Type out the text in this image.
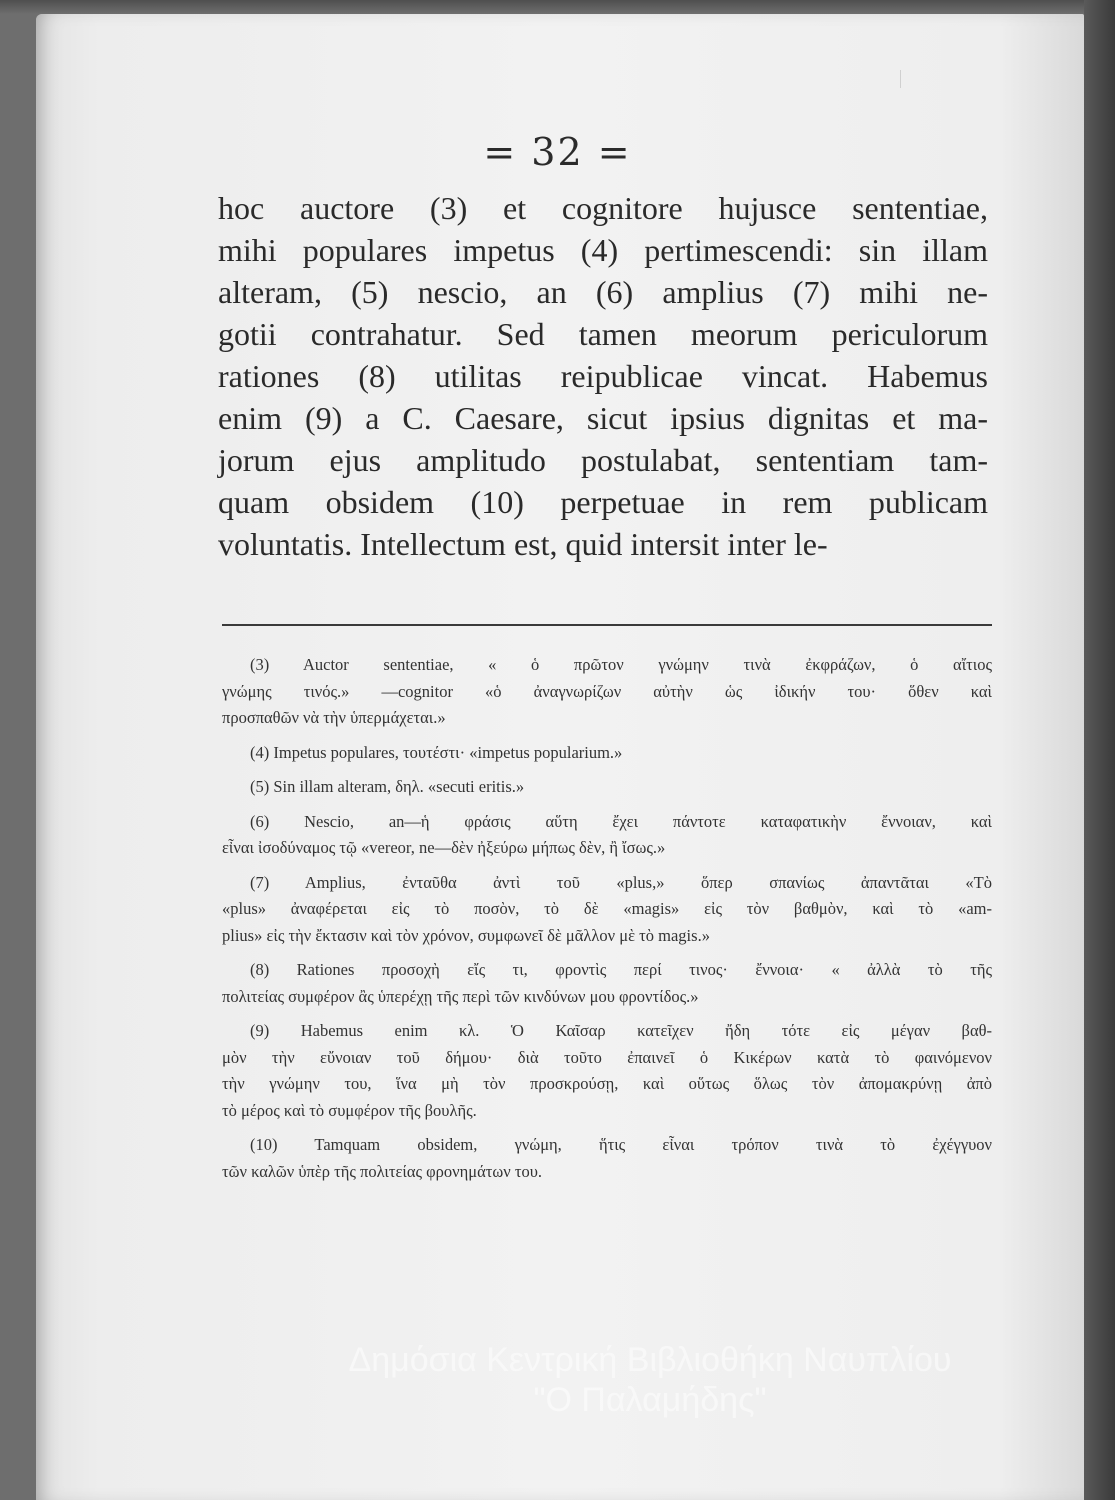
= 32 =
hoc auctore (3) et cognitore hujusce sententiae,
mihi populares impetus (4) pertimescendi: sin illam
alteram, (5) nescio, an (6) amplius (7) mihi ne-
gotii contrahatur. Sed tamen meorum periculorum
rationes (8) utilitas reipublicae vincat. Habemus
enim (9) a C. Caesare, sicut ipsius dignitas et ma-
jorum ejus amplitudo postulabat, sententiam tam-
quam obsidem (10) perpetuae in rem publicam
voluntatis. Intellectum est, quid intersit inter le-
(3) Auctor sententiae, « ὁ πρῶτον γνώμην τινὰ ἐκφράζων, ὁ αἴτιος
γνώμης τινός.» —cognitor «ὁ ἀναγνωρίζων αὐτὴν ὡς ἰδικήν του· ὅθεν καὶ
προσπαθῶν νὰ τὴν ὑπερμάχεται.»
(4) Impetus populares, τουτέστι· «impetus popularium.»
(5) Sin illam alteram, δηλ. «secuti eritis.»
(6) Nescio, an—ἡ φράσις αὕτη ἔχει πάντοτε καταφατικὴν ἔννοιαν, καὶ
εἶναι ἰσοδύναμος τῷ «vereor, ne—δὲν ἠξεύρω μήπως δὲν, ἢ ἴσως.»
(7) Amplius, ἐνταῦθα ἀντὶ τοῦ «plus,» ὅπερ σπανίως ἀπαντᾶται «Τὸ
«plus» ἀναφέρεται εἰς τὸ ποσὸν, τὸ δὲ «magis» εἰς τὸν βαθμὸν, καὶ τὸ «am-
plius» εἰς τὴν ἔκτασιν καὶ τὸν χρόνον, συμφωνεῖ δὲ μᾶλλον μὲ τὸ magis.»
(8) Rationes προσοχὴ εἴς τι, φροντὶς περί τινος· ἔννοια· « ἀλλὰ τὸ τῆς
πολιτείας συμφέρον ἂς ὑπερέχῃ τῆς περὶ τῶν κινδύνων μου φροντίδος.»
(9) Habemus enim κλ. Ὁ Καῖσαρ κατεῖχεν ἤδη τότε εἰς μέγαν βαθ-
μὸν τὴν εὔνοιαν τοῦ δήμου· διὰ τοῦτο ἐπαινεῖ ὁ Κικέρων κατὰ τὸ φαινόμενον
τὴν γνώμην του, ἵνα μὴ τὸν προσκρούσῃ, καὶ οὕτως ὅλως τὸν ἀπομακρύνῃ ἀπὸ
τὸ μέρος καὶ τὸ συμφέρον τῆς βουλῆς.
(10) Tamquam obsidem, γνώμη, ἥτις εἶναι τρόπον τινὰ τὸ ἐχέγγυον
τῶν καλῶν ὑπὲρ τῆς πολιτείας φρονημάτων του.
Δημόσια Κεντρική Βιβλιοθήκη Ναυπλίου
"Ο Παλαμήδης"
